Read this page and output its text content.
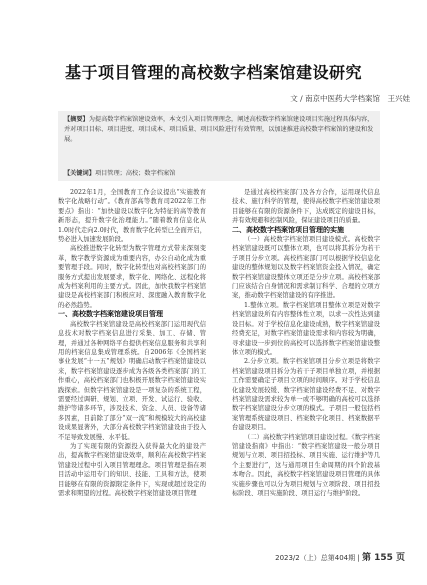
基于项目管理的高校数字档案馆建设研究
文 / 南京中医药大学档案馆　王兴娃
【摘要】为提高数字档案馆建设效率，本文引入项目管理理念，阐述高校数字档案馆建设项目实施过程具体内容，并对项目目标、项目进度、项目成本、项目质量、项目风险进行有效管理，以加速推进高校数字档案馆的建设和发展。
【关键词】项目管理；高校；数字档案馆

2022年1月，全国教育工作会议提出“实施教育数字化战略行动”。《教育部高等教育司2022年工作要点》指出：“加快建设以数字化为特征的高等教育新形态，提升数字化治理能力。”随着教育信息化从1.0时代走向2.0时代，教育数字化转型已全面开启，势必进入加速发展阶段。

高校推进数字化转型为数字管理方式带来深刻变革，数字教学资源成为重要内容，办公自动化成为重要管理手段。同时，数字化转型也对高校档案部门的服务方式提出发展要求，数字化、网络化、远程化将成为档案利用的主要方式。因此，加快我数字档案馆建设是高校档案部门积极应对、深度融入教育数字化的必然趋势。

一、高校数字档案馆建设项目管理

高校数字档案馆建设是高校档案部门运用现代信息技术对数字档案信息进行采集、加工、存储、管理，并通过各种网络平台提供档案信息服务和共享利用的档案信息集成管理系统。自2006年《全国档案事业发展“十一五”规划》明确启动数字档案馆建设以来，数字档案馆建设逐步成为各级各类档案部门的工作重心，高校档案部门也积极开展数字档案馆建设实践探索。但数字档案馆建设是一项复杂的系统工程，需要经过调研、规划、立项、开发、试运行、验收、维护等诸多环节，涉及技术、资金、人员、设备等诸多因素，目前除了部分“双一流”和规模较大的高校建设成果显著外，大部分高校数字档案馆建设由于投入不足导致发展慢、水平低。

为了实现有限的资源投入获得最大化的建设产出，提高数字档案馆建设效率，顺利在高校数字档案馆建设过程中引入项目管理理念。项目管理是指在项目活动中运用专门的知识、技能、工具和方法，使项目能够在有限的资源限定条件下，实现或超过设定的需求和期望的过程。高校数字档案馆建设项目管理

是通过高校档案部门及各方合作，运用现代信息技术、施行科学的管理，使得高校数字档案馆建设项目能够在有限的资源条件下，达成既定的建设目标，并有效规避和控制风险，保证建设项目的质量。

二、高校数字档案馆项目管理的实施

（一）高校数字档案馆项目建设模式。高校数字档案馆建设既可以整体立项，也可以将其拆分为若干子项目分步立项。高校档案部门可以根据学校信息化建设的整体规划以及数字档案馆资金投入情况，确定数字档案馆建设整体立项还是分步立项。高校档案部门应该结合自身情况和需求制订科学、合理的立项方案，推动数字档案馆建设的有序推进。

1.整体立项。数字档案馆项目整体立项是对数字档案馆建设所有内容整体性立项，以求一次性达到建设目标。对于学校信息化建设成熟，数字档案馆建设经费充足，对数字档案馆建设需求和内容较为明确，寻求建设一步到位的高校可以选择数字档案馆建设整体立项的模式。

2.分步立项。数字档案馆项目分步立项是将数字档案馆建设项目拆分为若干子项目单独立项，并根据工作需要确定子项目立项的时间顺序。对于学校信息化建设发展较缓、数字档案馆建设经费不足、对数字档案馆建设需求较为单一或不够明确的高校可以选择数字档案馆建设分步立项的模式。子项目一般包括档案管理系统建设项目、档案数字化项目、档案数据平台建设项目。

（二）高校数字档案馆项目建设过程。《数字档案馆建设指南》中指出：“数字档案馆建设一般分项目规划与立项、项目招投标、项目实施、运行维护等几个主要进行”，这与通用项目生命周期的四个阶段基本吻合。因此，高校数字档案馆建设项目管理的具体实施步骤也可以分为项目规划与立项阶段、项目招投标阶段、项目实施阶段、项目运行与维护阶段。

2023/2（上）总第404期 | 第 155 页
